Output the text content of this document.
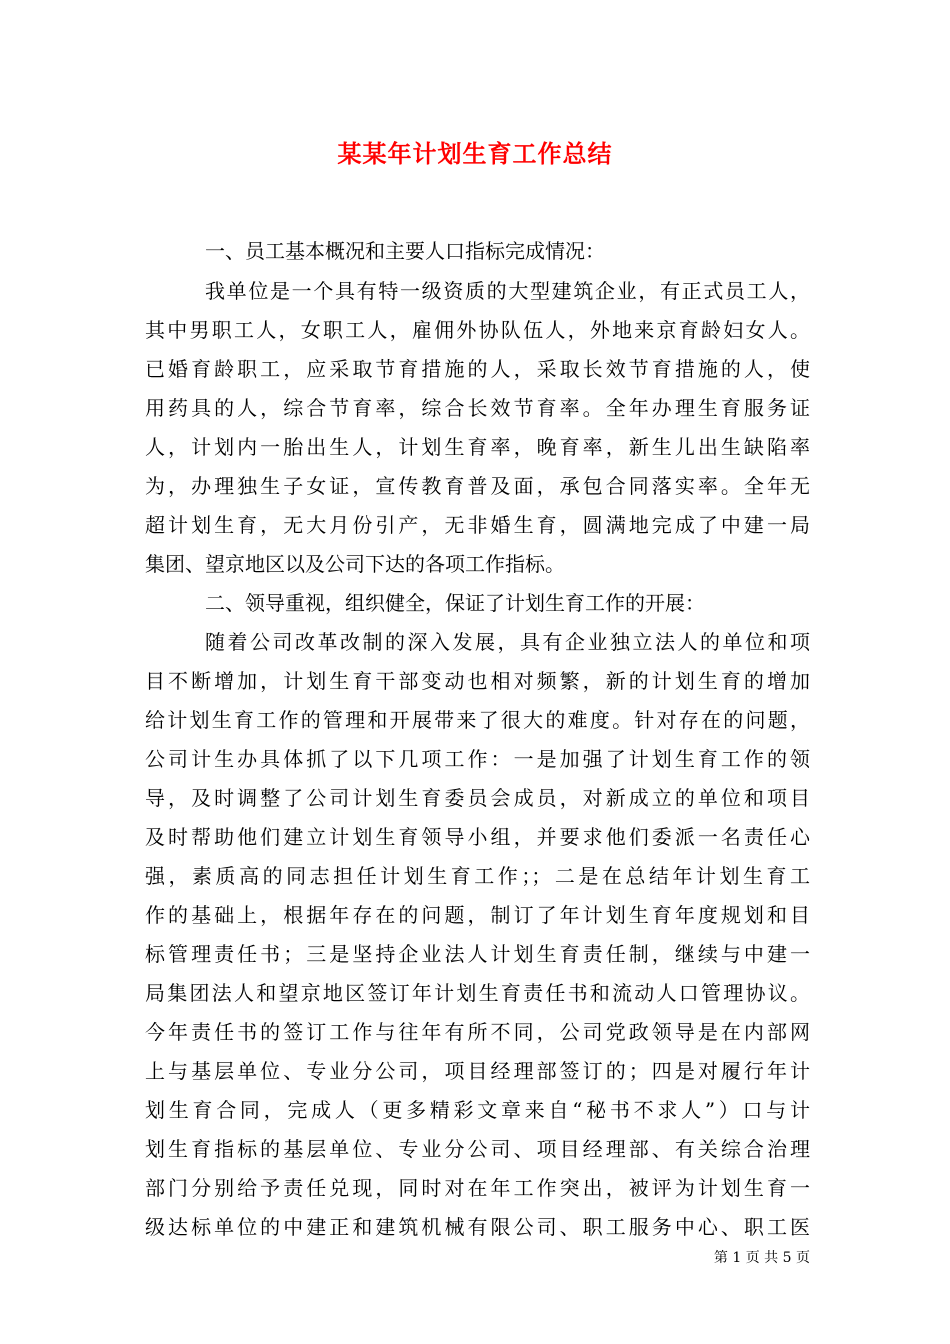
某某年计划生育工作总结

一、员工基本概况和主要人口指标完成情况：

我单位是一个具有特一级资质的大型建筑企业，有正式员工人，

其中男职工人，女职工人，雇佣外协队伍人，外地来京育龄妇女人。

已婚育龄职工，应采取节育措施的人，采取长效节育措施的人，使

用药具的人，综合节育率，综合长效节育率。全年办理生育服务证

人，计划内一胎出生人，计划生育率，晚育率，新生儿出生缺陷率

为，办理独生子女证，宣传教育普及面，承包合同落实率。全年无

超计划生育，无大月份引产，无非婚生育，圆满地完成了中建一局

集团、望京地区以及公司下达的各项工作指标。

二、领导重视，组织健全，保证了计划生育工作的开展：

随着公司改革改制的深入发展，具有企业独立法人的单位和项

目不断增加，计划生育干部变动也相对频繁，新的计划生育的增加

给计划生育工作的管理和开展带来了很大的难度。针对存在的问题，

公司计生办具体抓了以下几项工作：一是加强了计划生育工作的领

导，及时调整了公司计划生育委员会成员，对新成立的单位和项目

及时帮助他们建立计划生育领导小组，并要求他们委派一名责任心

强，素质高的同志担任计划生育工作；；二是在总结年计划生育工

作的基础上，根据年存在的问题，制订了年计划生育年度规划和目

标管理责任书；三是坚持企业法人计划生育责任制，继续与中建一

局集团法人和望京地区签订年计划生育责任书和流动人口管理协议。

今年责任书的签订工作与往年有所不同，公司党政领导是在内部网

上与基层单位、专业分公司，项目经理部签订的；四是对履行年计

划生育合同，完成人（更多精彩文章来自“秘书不求人”）口与计

划生育指标的基层单位、专业分公司、项目经理部、有关综合治理

部门分别给予责任兑现，同时对在年工作突出，被评为计划生育一

级达标单位的中建正和建筑机械有限公司、职工服务中心、职工医

第 1 页 共 5 页
